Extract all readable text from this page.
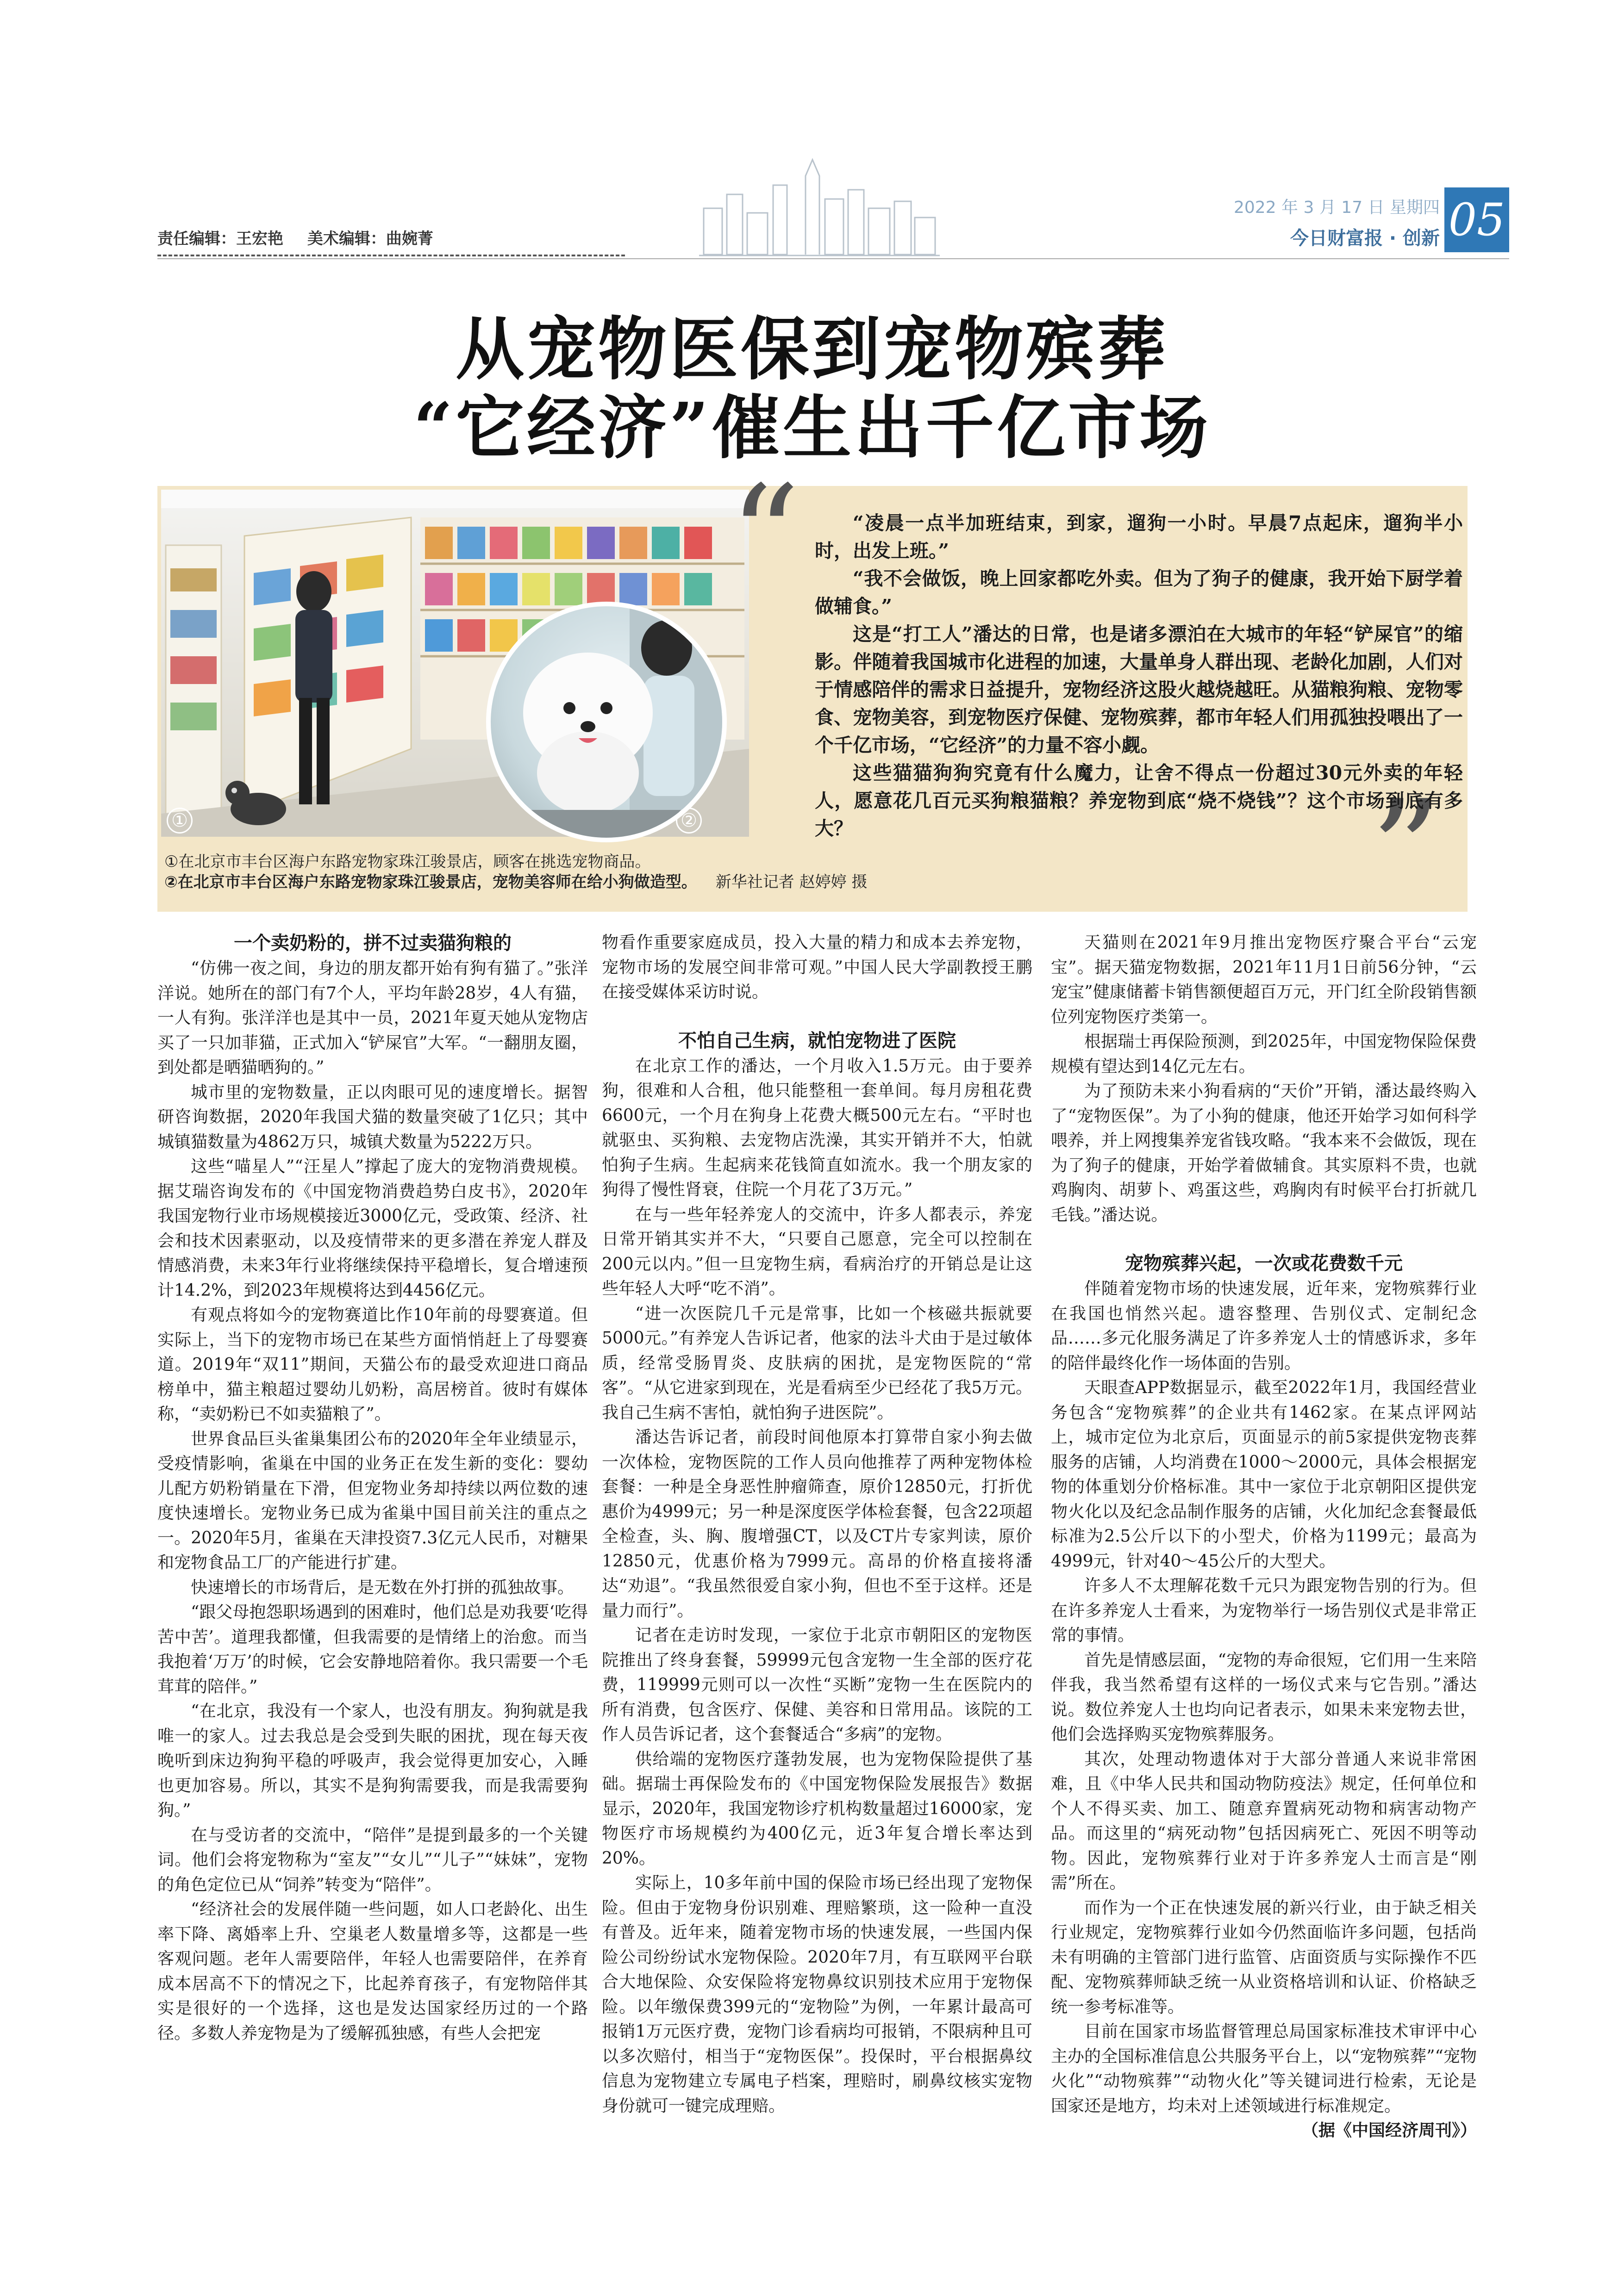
责任编辑：王宏艳 美术编辑：曲婉菁
2022 年 3 月 17 日 星期四
今日财富报 · 创新 05
从宠物医保到宠物殡葬
“它经济”催生出千亿市场
①	②
①在北京市丰台区海户东路宠物家珠江骏景店，顾客在挑选宠物商品。
②在北京市丰台区海户东路宠物家珠江骏景店，宠物美容师在给小狗做造型。 新华社记者 赵婷婷 摄
“
”

“凌晨一点半加班结束，到家，遛狗一小时。早晨7点起床，遛狗半小时，出发上班。”

“我不会做饭，晚上回家都吃外卖。但为了狗子的健康，我开始下厨学着做辅食。”

这是“打工人”潘达的日常，也是诸多漂泊在大城市的年轻“铲屎官”的缩影。伴随着我国城市化进程的加速，大量单身人群出现、老龄化加剧，人们对于情感陪伴的需求日益提升，宠物经济这股火越烧越旺。从猫粮狗粮、宠物零食、宠物美容，到宠物医疗保健、宠物殡葬，都市年轻人们用孤独投喂出了一个千亿市场，“它经济”的力量不容小觑。

这些猫猫狗狗究竟有什么魔力，让舍不得点一份超过30元外卖的年轻人，愿意花几百元买狗粮猫粮？养宠物到底“烧不烧钱”？这个市场到底有多大？

一个卖奶粉的，拼不过卖猫狗粮的

“仿佛一夜之间，身边的朋友都开始有狗有猫了。”张洋洋说。她所在的部门有7个人，平均年龄28岁，4人有猫，一人有狗。张洋洋也是其中一员，2021年夏天她从宠物店买了一只加菲猫，正式加入“铲屎官”大军。“一翻朋友圈，到处都是晒猫晒狗的。”

城市里的宠物数量，正以肉眼可见的速度增长。据智研咨询数据，2020年我国犬猫的数量突破了1亿只；其中城镇猫数量为4862万只，城镇犬数量为5222万只。

这些“喵星人”“汪星人”撑起了庞大的宠物消费规模。据艾瑞咨询发布的《中国宠物消费趋势白皮书》，2020年我国宠物行业市场规模接近3000亿元，受政策、经济、社会和技术因素驱动，以及疫情带来的更多潜在养宠人群及情感消费，未来3年行业将继续保持平稳增长，复合增速预计14.2%，到2023年规模将达到4456亿元。

有观点将如今的宠物赛道比作10年前的母婴赛道。但实际上，当下的宠物市场已在某些方面悄悄赶上了母婴赛道。2019年“双11”期间，天猫公布的最受欢迎进口商品榜单中，猫主粮超过婴幼儿奶粉，高居榜首。彼时有媒体称，“卖奶粉已不如卖猫粮了”。

世界食品巨头雀巢集团公布的2020年全年业绩显示，受疫情影响，雀巢在中国的业务正在发生新的变化：婴幼儿配方奶粉销量在下滑，但宠物业务却持续以两位数的速度快速增长。宠物业务已成为雀巢中国目前关注的重点之一。2020年5月，雀巢在天津投资7.3亿元人民币，对糖果和宠物食品工厂的产能进行扩建。

快速增长的市场背后，是无数在外打拼的孤独故事。

“跟父母抱怨职场遇到的困难时，他们总是劝我要‘吃得苦中苦’。道理我都懂，但我需要的是情绪上的治愈。而当我抱着‘万万’的时候，它会安静地陪着你。我只需要一个毛茸茸的陪伴。”

“在北京，我没有一个家人，也没有朋友。狗狗就是我唯一的家人。过去我总是会受到失眠的困扰，现在每天夜晚听到床边狗狗平稳的呼吸声，我会觉得更加安心，入睡也更加容易。所以，其实不是狗狗需要我，而是我需要狗狗。”

在与受访者的交流中，“陪伴”是提到最多的一个关键词。他们会将宠物称为“室友”“女儿”“儿子”“妹妹”，宠物的角色定位已从“饲养”转变为“陪伴”。

“经济社会的发展伴随一些问题，如人口老龄化、出生率下降、离婚率上升、空巢老人数量增多等，这都是一些客观问题。老年人需要陪伴，年轻人也需要陪伴，在养育成本居高不下的情况之下，比起养育孩子，有宠物陪伴其实是很好的一个选择，这也是发达国家经历过的一个路径。多数人养宠物是为了缓解孤独感，有些人会把宠

物看作重要家庭成员，投入大量的精力和成本去养宠物，宠物市场的发展空间非常可观。”中国人民大学副教授王鹏在接受媒体采访时说。

不怕自己生病，就怕宠物进了医院

在北京工作的潘达，一个月收入1.5万元。由于要养狗，很难和人合租，他只能整租一套单间。每月房租花费6600元，一个月在狗身上花费大概500元左右。“平时也就驱虫、买狗粮、去宠物店洗澡，其实开销并不大，怕就怕狗子生病。生起病来花钱简直如流水。我一个朋友家的狗得了慢性肾衰，住院一个月花了3万元。”

在与一些年轻养宠人的交流中，许多人都表示，养宠日常开销其实并不大，“只要自己愿意，完全可以控制在200元以内。”但一旦宠物生病，看病治疗的开销总是让这些年轻人大呼“吃不消”。

“进一次医院几千元是常事，比如一个核磁共振就要5000元。”有养宠人告诉记者，他家的法斗犬由于是过敏体质，经常受肠胃炎、皮肤病的困扰，是宠物医院的“常客”。“从它进家到现在，光是看病至少已经花了我5万元。我自己生病不害怕，就怕狗子进医院”。

潘达告诉记者，前段时间他原本打算带自家小狗去做一次体检，宠物医院的工作人员向他推荐了两种宠物体检套餐：一种是全身恶性肿瘤筛查，原价12850元，打折优惠价为4999元；另一种是深度医学体检套餐，包含22项超全检查，头、胸、腹增强CT，以及CT片专家判读，原价12850元，优惠价格为7999元。高昂的价格直接将潘达“劝退”。“我虽然很爱自家小狗，但也不至于这样。还是量力而行”。

记者在走访时发现，一家位于北京市朝阳区的宠物医院推出了终身套餐，59999元包含宠物一生全部的医疗花费，119999元则可以一次性“买断”宠物一生在医院内的所有消费，包含医疗、保健、美容和日常用品。该院的工作人员告诉记者，这个套餐适合“多病”的宠物。

供给端的宠物医疗蓬勃发展，也为宠物保险提供了基础。据瑞士再保险发布的《中国宠物保险发展报告》数据显示，2020年，我国宠物诊疗机构数量超过16000家，宠物医疗市场规模约为400亿元，近3年复合增长率达到20%。

实际上，10多年前中国的保险市场已经出现了宠物保险。但由于宠物身份识别难、理赔繁琐，这一险种一直没有普及。近年来，随着宠物市场的快速发展，一些国内保险公司纷纷试水宠物保险。2020年7月，有互联网平台联合大地保险、众安保险将宠物鼻纹识别技术应用于宠物保险。以年缴保费399元的“宠物险”为例，一年累计最高可报销1万元医疗费，宠物门诊看病均可报销，不限病种且可以多次赔付，相当于“宠物医保”。投保时，平台根据鼻纹信息为宠物建立专属电子档案，理赔时，刷鼻纹核实宠物身份就可一键完成理赔。

天猫则在2021年9月推出宠物医疗聚合平台“云宠宝”。据天猫宠物数据，2021年11月1日前56分钟，“云宠宝”健康储蓄卡销售额便超百万元，开门红全阶段销售额位列宠物医疗类第一。

根据瑞士再保险预测，到2025年，中国宠物保险保费规模有望达到14亿元左右。

为了预防未来小狗看病的“天价”开销，潘达最终购入了“宠物医保”。为了小狗的健康，他还开始学习如何科学喂养，并上网搜集养宠省钱攻略。“我本来不会做饭，现在为了狗子的健康，开始学着做辅食。其实原料不贵，也就鸡胸肉、胡萝卜、鸡蛋这些，鸡胸肉有时候平台打折就几毛钱。”潘达说。

宠物殡葬兴起，一次或花费数千元

伴随着宠物市场的快速发展，近年来，宠物殡葬行业在我国也悄然兴起。遗容整理、告别仪式、定制纪念品……多元化服务满足了许多养宠人士的情感诉求，多年的陪伴最终化作一场体面的告别。

天眼查APP数据显示，截至2022年1月，我国经营业务包含“宠物殡葬”的企业共有1462家。在某点评网站上，城市定位为北京后，页面显示的前5家提供宠物丧葬服务的店铺，人均消费在1000～2000元，具体会根据宠物的体重划分价格标准。其中一家位于北京朝阳区提供宠物火化以及纪念品制作服务的店铺，火化加纪念套餐最低标准为2.5公斤以下的小型犬，价格为1199元；最高为4999元，针对40～45公斤的大型犬。

许多人不太理解花数千元只为跟宠物告别的行为。但在许多养宠人士看来，为宠物举行一场告别仪式是非常正常的事情。

首先是情感层面，“宠物的寿命很短，它们用一生来陪伴我，我当然希望有这样的一场仪式来与它告别。”潘达说。数位养宠人士也均向记者表示，如果未来宠物去世，他们会选择购买宠物殡葬服务。

其次，处理动物遗体对于大部分普通人来说非常困难，且《中华人民共和国动物防疫法》规定，任何单位和个人不得买卖、加工、随意弃置病死动物和病害动物产品。而这里的“病死动物”包括因病死亡、死因不明等动物。因此，宠物殡葬行业对于许多养宠人士而言是“刚需”所在。

而作为一个正在快速发展的新兴行业，由于缺乏相关行业规定，宠物殡葬行业如今仍然面临许多问题，包括尚未有明确的主管部门进行监管、店面资质与实际操作不匹配、宠物殡葬师缺乏统一从业资格培训和认证、价格缺乏统一参考标准等。

目前在国家市场监督管理总局国家标准技术审评中心主办的全国标准信息公共服务平台上，以“宠物殡葬”“宠物火化”“动物殡葬”“动物火化”等关键词进行检索，无论是国家还是地方，均未对上述领域进行标准规定。

（据《中国经济周刊》）
